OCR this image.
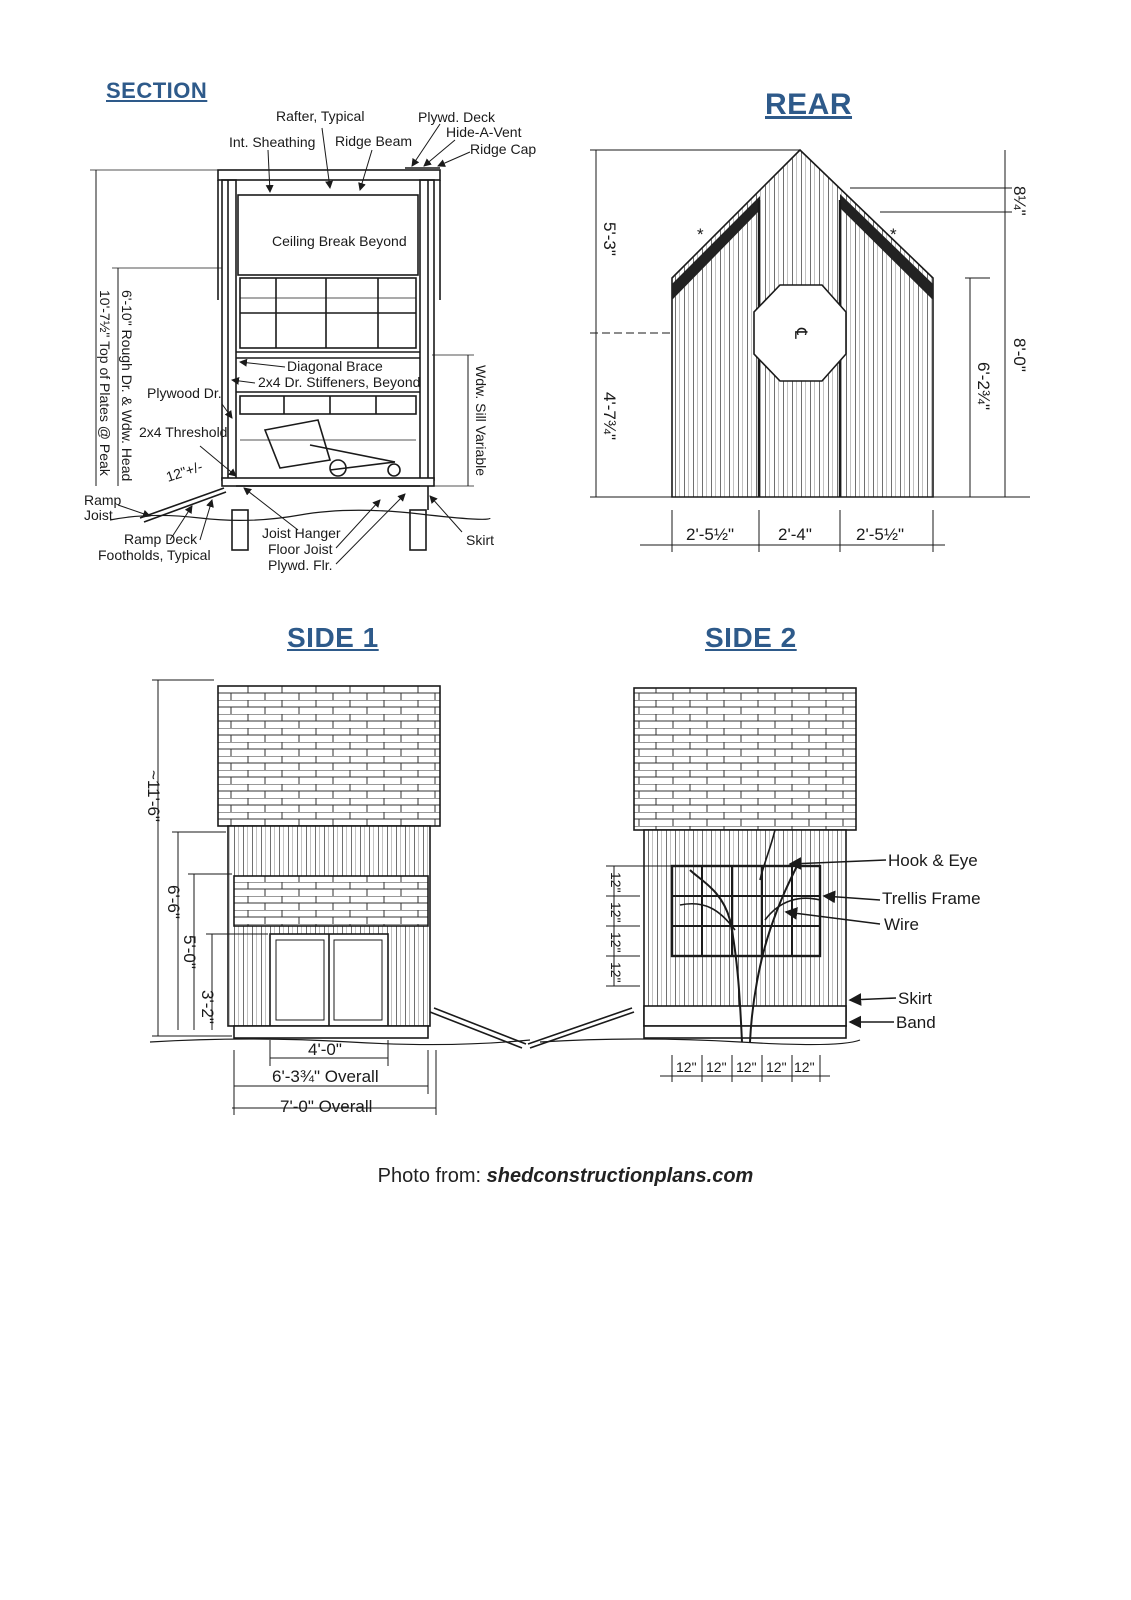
SECTION	REAR
SIDE 1	SIDE 2
Rafter, Typical	Plywd. Deck
Hide-A-Vent
Ridge Cap
Int. Sheathing Ridge Beam
Ceiling Break Beyond
Diagonal Brace
2x4 Dr. Stiffeners, Beyond
Plywood Dr.
2x4 Threshold
Ramp
Joist
Ramp Deck
Footholds, Typical
Joist Hanger
Floor Joist
Plywd. Flr.
Skirt
12"+/-	Wdw. Sill Variable
6'-10" Rough Dr. & Wdw. Head
10'-7½" Top of Plates @ Peak
*	*
℄
5'-3"
4'-7¾"
8¼"
8'-0"
6'-2¾"
2'-5½"	2'-4"	2'-5½"
~11'-6"
6'-6"
5'-0"
3'-2"
4'-0"
6'-3¾" Overall
7'-0" Overall
Hook & Eye
Trellis Frame
Wire
Skirt
Band
12"
12"
12"
12"
12" 12" 12" 12" 12"
Photo from: shedconstructionplans.com
